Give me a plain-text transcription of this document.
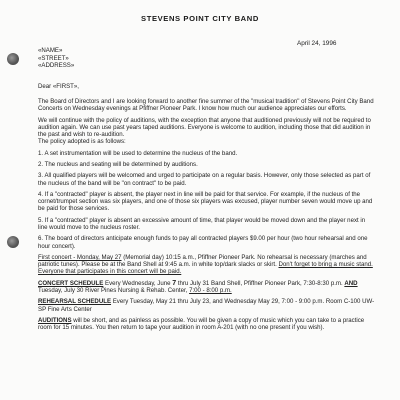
STEVENS POINT CITY BAND
April 24, 1996
«NAME»
«STREET»
«ADDRESS»
Dear «FIRST»,

The Board of Directors and I are looking forward to another fine summer of the "musical tradition" of Stevens Point City Band Concerts on Wednesday evenings at Pfiffner Pioneer Park. I know how much our audience appreciates our efforts.

We will continue with the policy of auditions, with the exception that anyone that auditioned previously will not be required to audition again. We can use past years taped auditions. Everyone is welcome to audition, including those that did audition in the past and wish to re-audition.

The policy adopted is as follows:

1. A set instrumentation will be used to determine the nucleus of the band.

2. The nucleus and seating will be determined by auditions.

3. All qualified players will be welcomed and urged to participate on a regular basis. However, only those selected as part of the nucleus of the band will be "on contract" to be paid.

4. If a "contracted" player is absent, the player next in line will be paid for that service. For example, if the nucleus of the cornet/trumpet section was six players, and one of those six players was excused, player number seven would move up and be paid for those services.

5. If a "contracted" player is absent an excessive amount of time, that player would be moved down and the player next in line would move to the nucleus roster.

6. The board of directors anticipate enough funds to pay all contracted players $9.00 per hour (two hour rehearsal and one hour concert).

First concert - Monday, May 27 (Memorial day) 10:15 a.m., Pfiffner Pioneer Park. No rehearsal is necessary (marches and patriotic tunes). Please be at the Band Shell at 9:45 a.m. in white top/dark slacks or skirt. Don't forget to bring a music stand. Everyone that participates in this concert will be paid.

CONCERT SCHEDULE Every Wednesday, June 7 thru July 31 Band Shell, Pfiffner Pioneer Park, 7:30-8:30 p.m. AND Tuesday, July 30 River Pines Nursing & Rehab. Center, 7:00 - 8:00 p.m.

REHEARSAL SCHEDULE Every Tuesday, May 21 thru July 23, and Wednesday May 29, 7:00 - 9:00 p.m. Room C-100 UW-SP Fine Arts Center

AUDITIONS will be short, and as painless as possible. You will be given a copy of music which you can take to a practice room for 15 minutes. You then return to tape your audition in room A-201 (with no one present if you wish).
